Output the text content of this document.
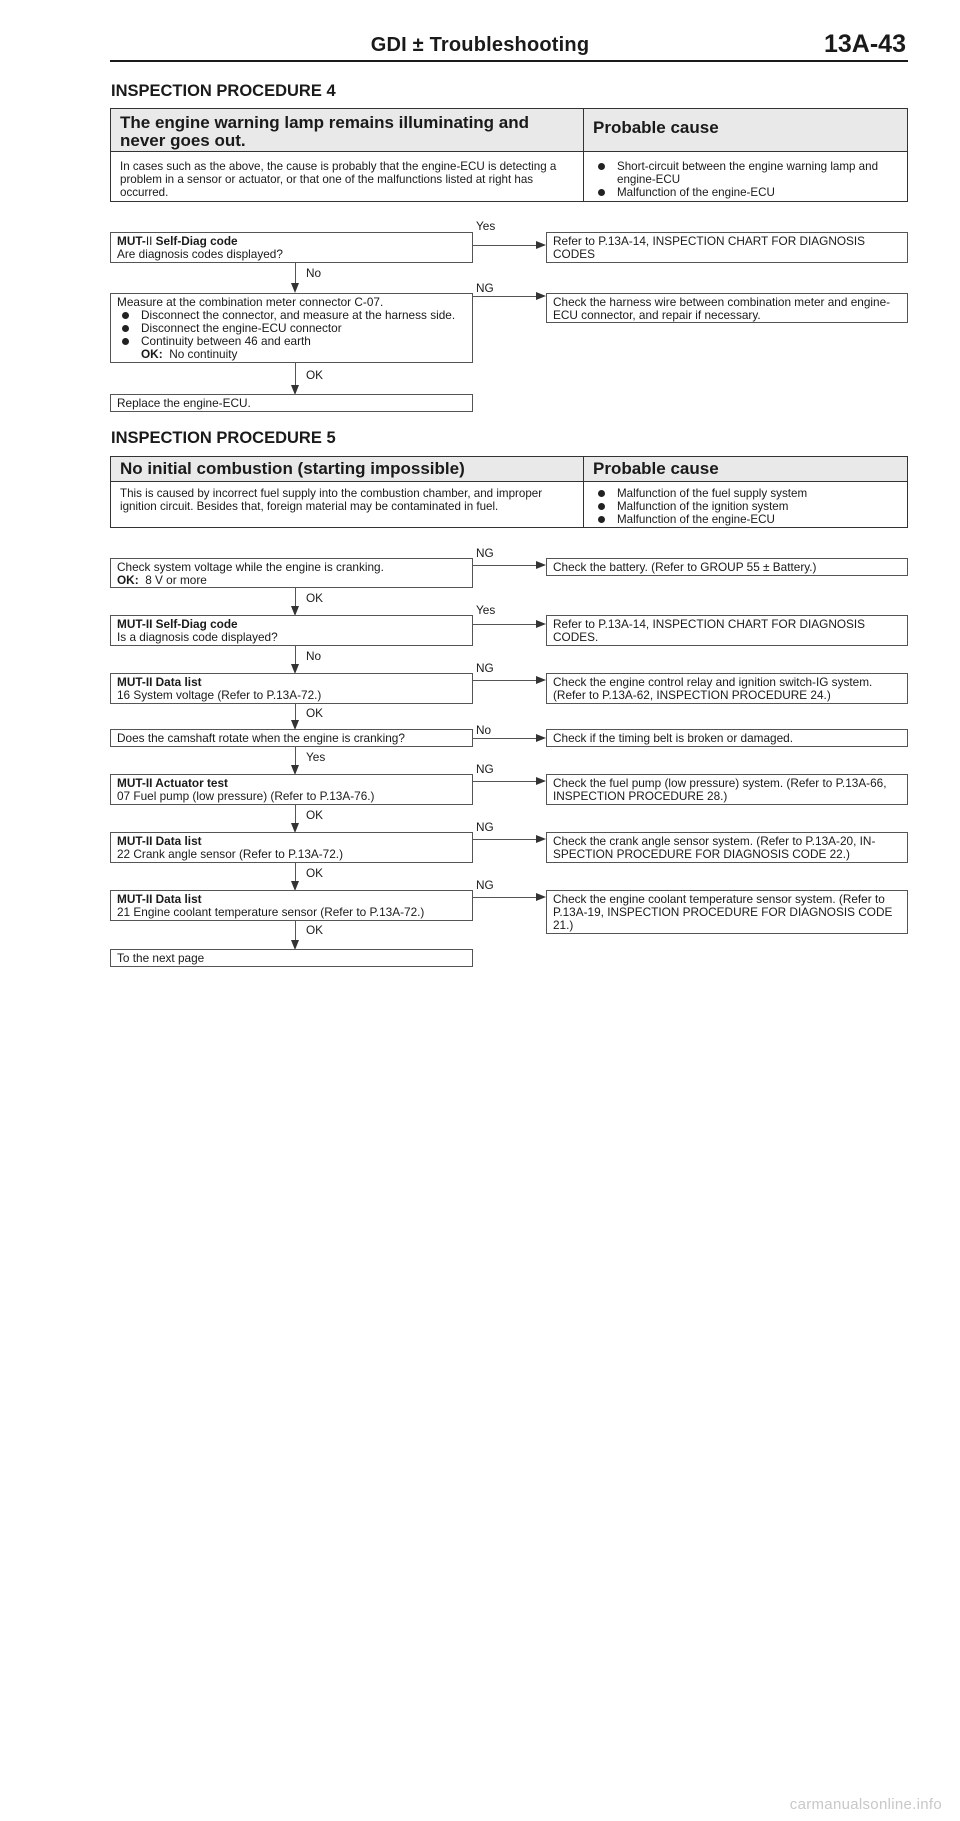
GDI ± Troubleshooting	13A-43
INSPECTION PROCEDURE 4
The engine warning lamp remains illuminating and never goes out.
Probable cause
In cases such as the above, the cause is probably that the engine-ECU is detecting a problem in a sensor or actuator, or that one of the malfunctions listed at right has occurred.
Short-circuit between the engine warning lamp and engine-ECU
Malfunction of the engine-ECU
MUT-II Self-Diag code
Are diagnosis codes displayed?
Yes
Refer to P.13A-14, INSPECTION CHART FOR DIAGNOSIS CODES
No
Measure at the combination meter connector C-07.
Disconnect the connector, and measure at the harness side.
Disconnect the engine-ECU connector
Continuity between 46 and earth
OK: No continuity
NG
Check the harness wire between combination meter and engine-ECU connector, and repair if necessary.
OK
Replace the engine-ECU.
INSPECTION PROCEDURE 5
No initial combustion (starting impossible)	Probable cause
This is caused by incorrect fuel supply into the combustion chamber, and improper ignition circuit. Besides that, foreign material may be contaminated in fuel.
Malfunction of the fuel supply system
Malfunction of the ignition system
Malfunction of the engine-ECU
Check system voltage while the engine is cranking.
OK: 8 V or more
NG
Check the battery. (Refer to GROUP 55 ± Battery.)
OK
MUT-II Self-Diag code
Is a diagnosis code displayed?
Yes
Refer to P.13A-14, INSPECTION CHART FOR DIAGNOSIS CODES.
No
MUT-II Data list
16 System voltage (Refer to P.13A-72.)
NG
Check the engine control relay and ignition switch-IG system. (Refer to P.13A-62, INSPECTION PROCEDURE 24.)
OK
Does the camshaft rotate when the engine is cranking?
No
Check if the timing belt is broken or damaged.
Yes
MUT-II Actuator test
07 Fuel pump (low pressure) (Refer to P.13A-76.)
NG
Check the fuel pump (low pressure) system. (Refer to P.13A-66, INSPECTION PROCEDURE 28.)
OK
MUT-II Data list
22 Crank angle sensor (Refer to P.13A-72.)
NG
Check the crank angle sensor system. (Refer to P.13A-20, IN-SPECTION PROCEDURE FOR DIAGNOSIS CODE 22.)
OK
MUT-II Data list
21 Engine coolant temperature sensor (Refer to P.13A-72.)
NG
Check the engine coolant temperature sensor system. (Refer to P.13A-19, INSPECTION PROCEDURE FOR DIAGNOSIS CODE 21.)
OK
To the next page
carmanualsonline.info
